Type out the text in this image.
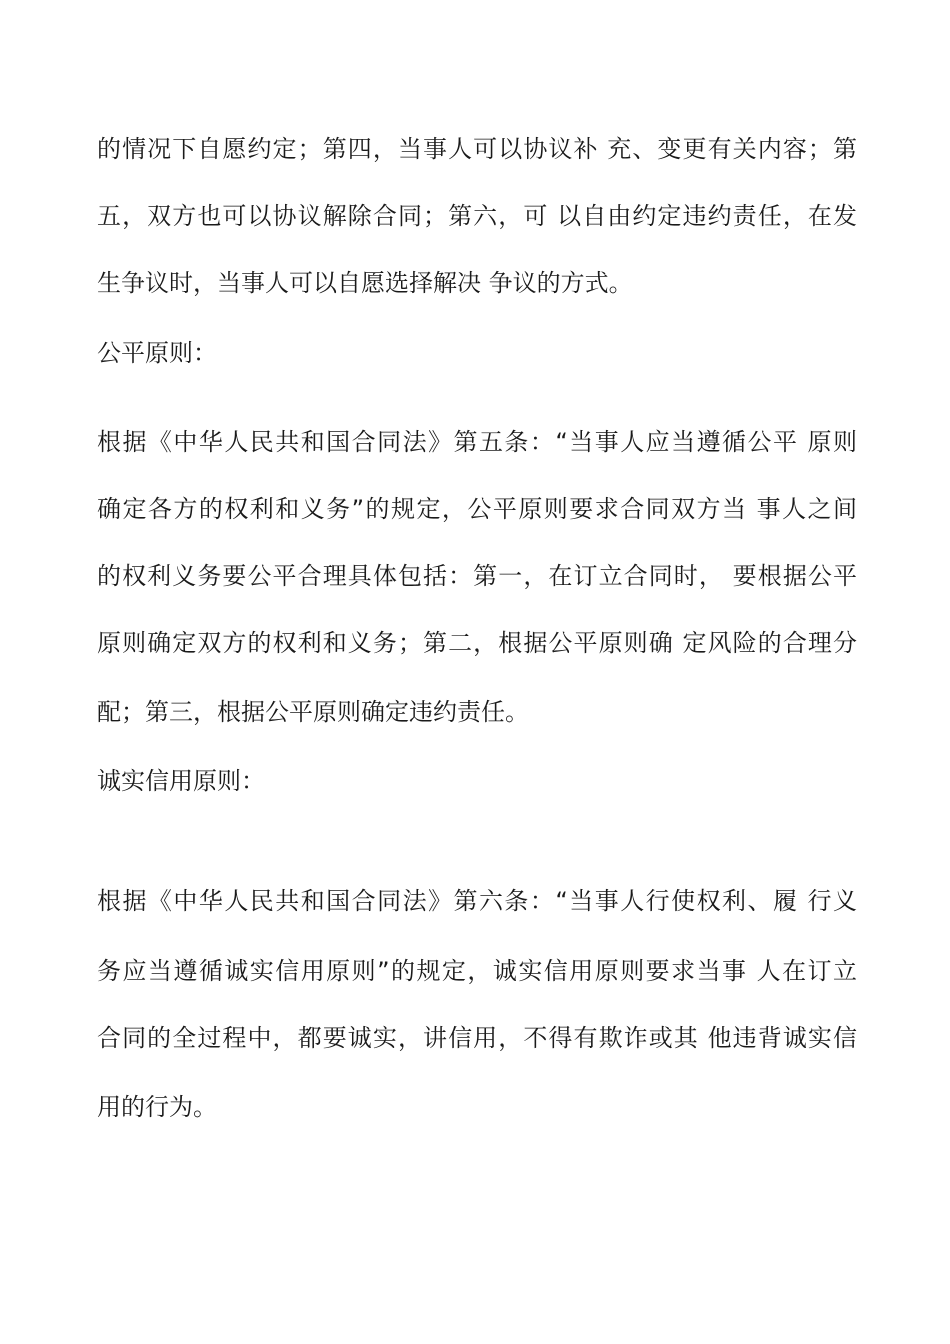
的情况下自愿约定；第四，当事人可以协议补 充、变更有关内容；第
五，双方也可以协议解除合同；第六，可 以自由约定违约责任，在发
生争议时，当事人可以自愿选择解决 争议的方式。
公平原则：
根据《中华人民共和国合同法》第五条：“当事人应当遵循公平 原则
确定各方的权利和义务”的规定，公平原则要求合同双方当 事人之间
的权利义务要公平合理具体包括：第一，在订立合同时， 要根据公平
原则确定双方的权利和义务；第二，根据公平原则确 定风险的合理分
配；第三，根据公平原则确定违约责任。
诚实信用原则：
根据《中华人民共和国合同法》第六条：“当事人行使权利、履 行义
务应当遵循诚实信用原则”的规定，诚实信用原则要求当事 人在订立
合同的全过程中，都要诚实，讲信用，不得有欺诈或其 他违背诚实信
用的行为。
